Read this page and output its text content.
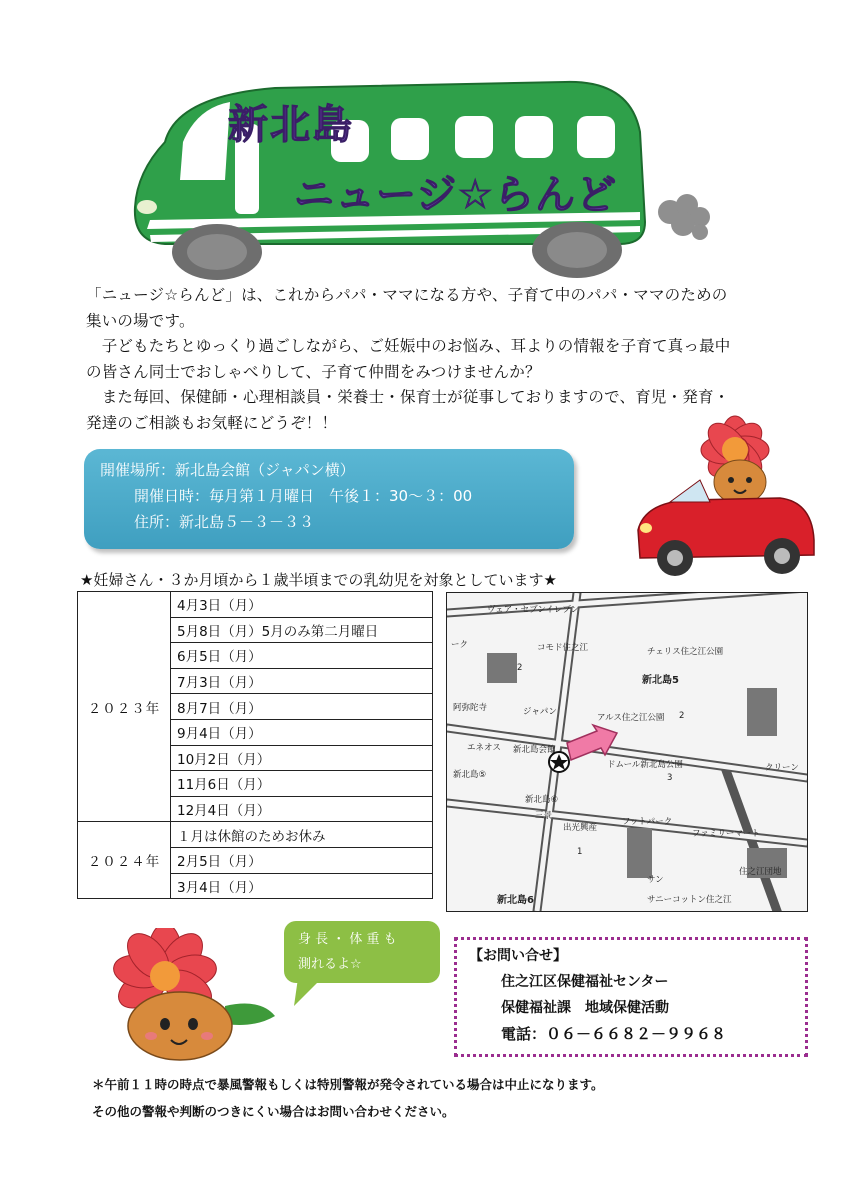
新北島
ニュージ☆らんど

「ニュージ☆らんど」は、これからパパ・ママになる方や、子育て中のパパ・ママのための

集いの場です。

　子どもたちとゆっくり過ごしながら、ご妊娠中のお悩み、耳よりの情報を子育て真っ最中

の皆さん同士でおしゃべりして、子育て仲間をみつけませんか？

　また毎回、保健師・心理相談員・栄養士・保育士が従事しておりますので、育児・発育・

発達のご相談もお気軽にどうぞ！！

開催場所：新北島会館（ジャパン横）
開催日時：毎月第１月曜日　午後１：30〜３：00
住所：新北島５－３－３３
★妊婦さん・３か月頃から１歳半頃までの乳幼児を対象としています★
２０２３年	4月3日（月）
	5月8日（月）5月のみ第二月曜日
	6月5日（月）
	7月3日（月）
	8月7日（月）
	9月4日（月）
	10月2日（月）
	11月6日（月）
	12月4日（月）
２０２４年	１月は休館のためお休み
	2月5日（月）
	3月4日（月）
ヴェア・セブンイレブン
ーク	コモド住之江	チェリス住之江公園
新北島5
2
阿弥陀寺	ジャパン
アルス住之江公園 2
エネオス 新北島会館
ドムール新北島公園
3
クリーン
新北島⑤
新北島⑥
三景
出光興産
フットパーク
ファミリーマート
1
サン
住之江団地
新北島6	サニーコットン住之江
身 長 ・ 体 重 も
測れるよ☆
【お問い合せ】
住之江区保健福祉センター
保健福祉課　地域保健活動
電話：０６－６６８２－９９６８

＊午前１１時の時点で暴風警報もしくは特別警報が発令されている場合は中止になります。

その他の警報や判断のつきにくい場合はお問い合わせください。
